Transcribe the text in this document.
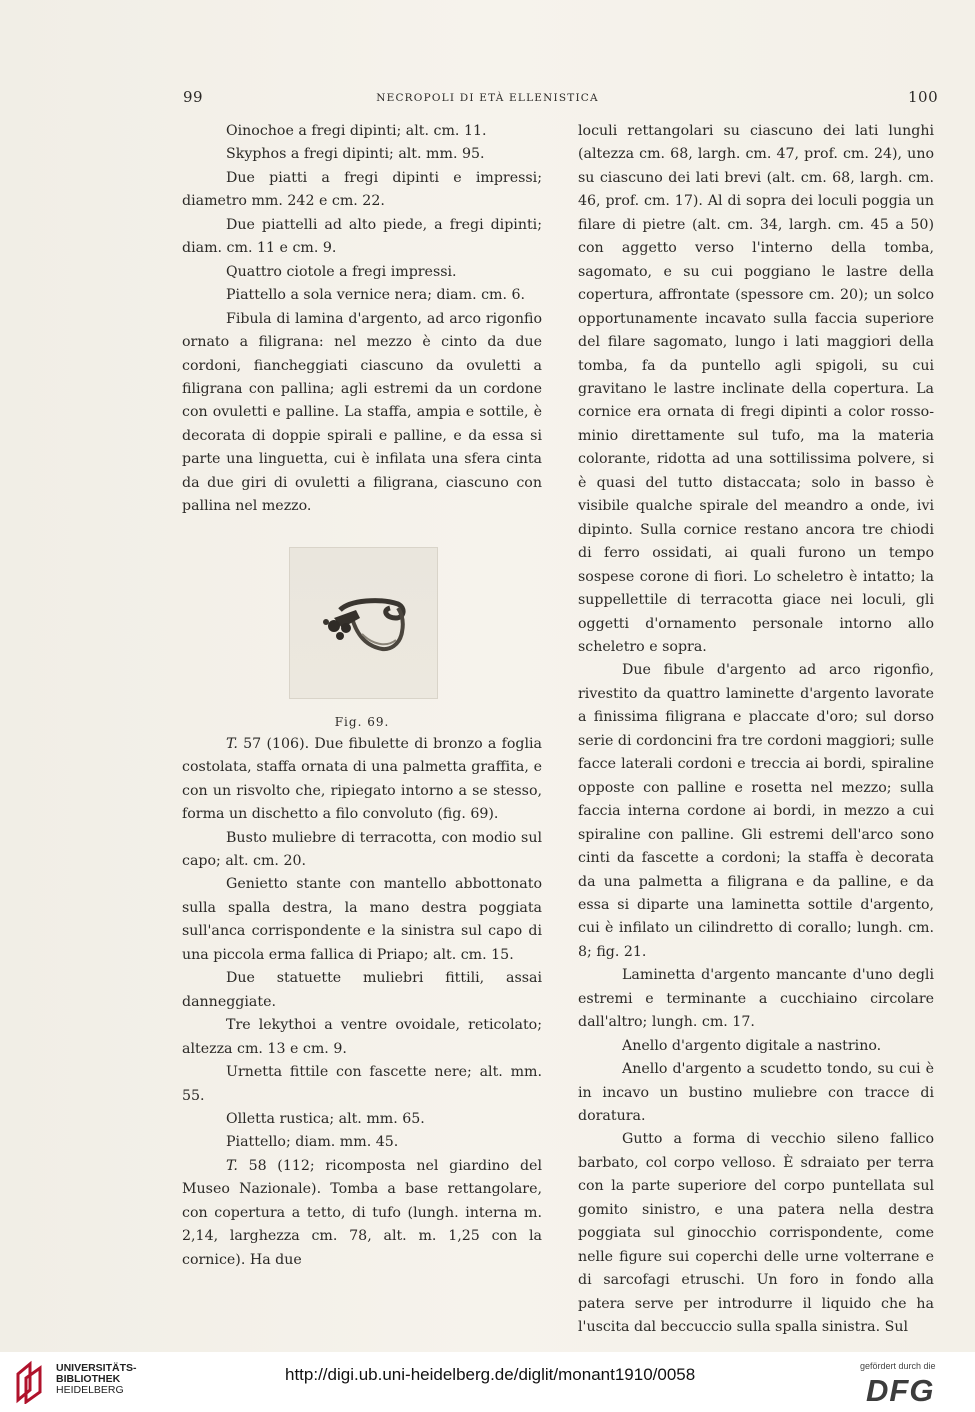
99	NECROPOLI DI ETÀ ELLENISTICA	100

Oinochoe a fregi dipinti; alt. cm. 11.

Skyphos a fregi dipinti; alt. mm. 95.

Due piatti a fregi dipinti e impressi; diametro mm. 242 e cm. 22.

Due piattelli ad alto piede, a fregi dipinti; diam. cm. 11 e cm. 9.

Quattro ciotole a fregi impressi.

Piattello a sola vernice nera; diam. cm. 6.

Fibula di lamina d'argento, ad arco rigonfio ornato a filigrana: nel mezzo è cinto da due cordoni, fiancheggiati ciascuno da ovuletti a filigrana con pallina; agli estremi da un cordone con ovuletti e palline. La staffa, ampia e sottile, è decorata di doppie spirali e palline, e da essa si parte una linguetta, cui è infilata una sfera cinta da due giri di ovuletti a filigrana, ciascuno con pallina nel mezzo.

Fig. 69.

T. 57 (106). Due fibulette di bronzo a foglia costolata, staffa ornata di una palmetta graffita, e con un risvolto che, ripiegato intorno a se stesso, forma un dischetto a filo convoluto (fig. 69).

Busto muliebre di terracotta, con modio sul capo; alt. cm. 20.

Genietto stante con mantello abbottonato sulla spalla destra, la mano destra poggiata sull'anca corrispondente e la sinistra sul capo di una piccola erma fallica di Priapo; alt. cm. 15.

Due statuette muliebri fittili, assai danneggiate.

Tre lekythoi a ventre ovoidale, reticolato; altezza cm. 13 e cm. 9.

Urnetta fittile con fascette nere; alt. mm. 55.

Olletta rustica; alt. mm. 65.

Piattello; diam. mm. 45.

T. 58 (112; ricomposta nel giardino del Museo Nazionale). Tomba a base rettangolare, con copertura a tetto, di tufo (lungh. interna m. 2,14, larghezza cm. 78, alt. m. 1,25 con la cornice). Ha due

loculi rettangolari su ciascuno dei lati lunghi (altezza cm. 68, largh. cm. 47, prof. cm. 24), uno su ciascuno dei lati brevi (alt. cm. 68, largh. cm. 46, prof. cm. 17). Al di sopra dei loculi poggia un filare di pietre (alt. cm. 34, largh. cm. 45 a 50) con aggetto verso l'interno della tomba, sagomato, e su cui poggiano le lastre della copertura, affrontate (spessore cm. 20); un solco opportunamente incavato sulla faccia superiore del filare sagomato, lungo i lati maggiori della tomba, fa da puntello agli spigoli, su cui gravitano le lastre inclinate della copertura. La cornice era ornata di fregi dipinti a color rosso-minio direttamente sul tufo, ma la materia colorante, ridotta ad una sottilissima polvere, si è quasi del tutto distaccata; solo in basso è visibile qualche spirale del meandro a onde, ivi dipinto. Sulla cornice restano ancora tre chiodi di ferro ossidati, ai quali furono un tempo sospese corone di fiori. Lo scheletro è intatto; la suppellettile di terracotta giace nei loculi, gli oggetti d'ornamento personale intorno allo scheletro e sopra.

Due fibule d'argento ad arco rigonfio, rivestito da quattro laminette d'argento lavorate a finissima filigrana e placcate d'oro; sul dorso serie di cordoncini fra tre cordoni maggiori; sulle facce laterali cordoni e treccia ai bordi, spiraline opposte con palline e rosetta nel mezzo; sulla faccia interna cordone ai bordi, in mezzo a cui spiraline con palline. Gli estremi dell'arco sono cinti da fascette a cordoni; la staffa è decorata da una palmetta a filigrana e da palline, e da essa si diparte una laminetta sottile d'argento, cui è infilato un cilindretto di corallo; lungh. cm. 8; fig. 21.

Laminetta d'argento mancante d'uno degli estremi e terminante a cucchiaino circolare dall'altro; lungh. cm. 17.

Anello d'argento digitale a nastrino.

Anello d'argento a scudetto tondo, su cui è in incavo un bustino muliebre con tracce di doratura.

Gutto a forma di vecchio sileno fallico barbato, col corpo velloso. È sdraiato per terra con la parte superiore del corpo puntellata sul gomito sinistro, e una patera nella destra poggiata sul ginocchio corrispondente, come nelle figure sui coperchi delle urne volterrane e di sarcofagi etruschi. Un foro in fondo alla patera serve per introdurre il liquido che ha l'uscita dal beccuccio sulla spalla sinistra. Sul

UNIVERSITÄTS-
BIBLIOTHEK
HEIDELBERG
http://digi.ub.uni-heidelberg.de/diglit/monant1910/0058	gefördert durch die
DFG
